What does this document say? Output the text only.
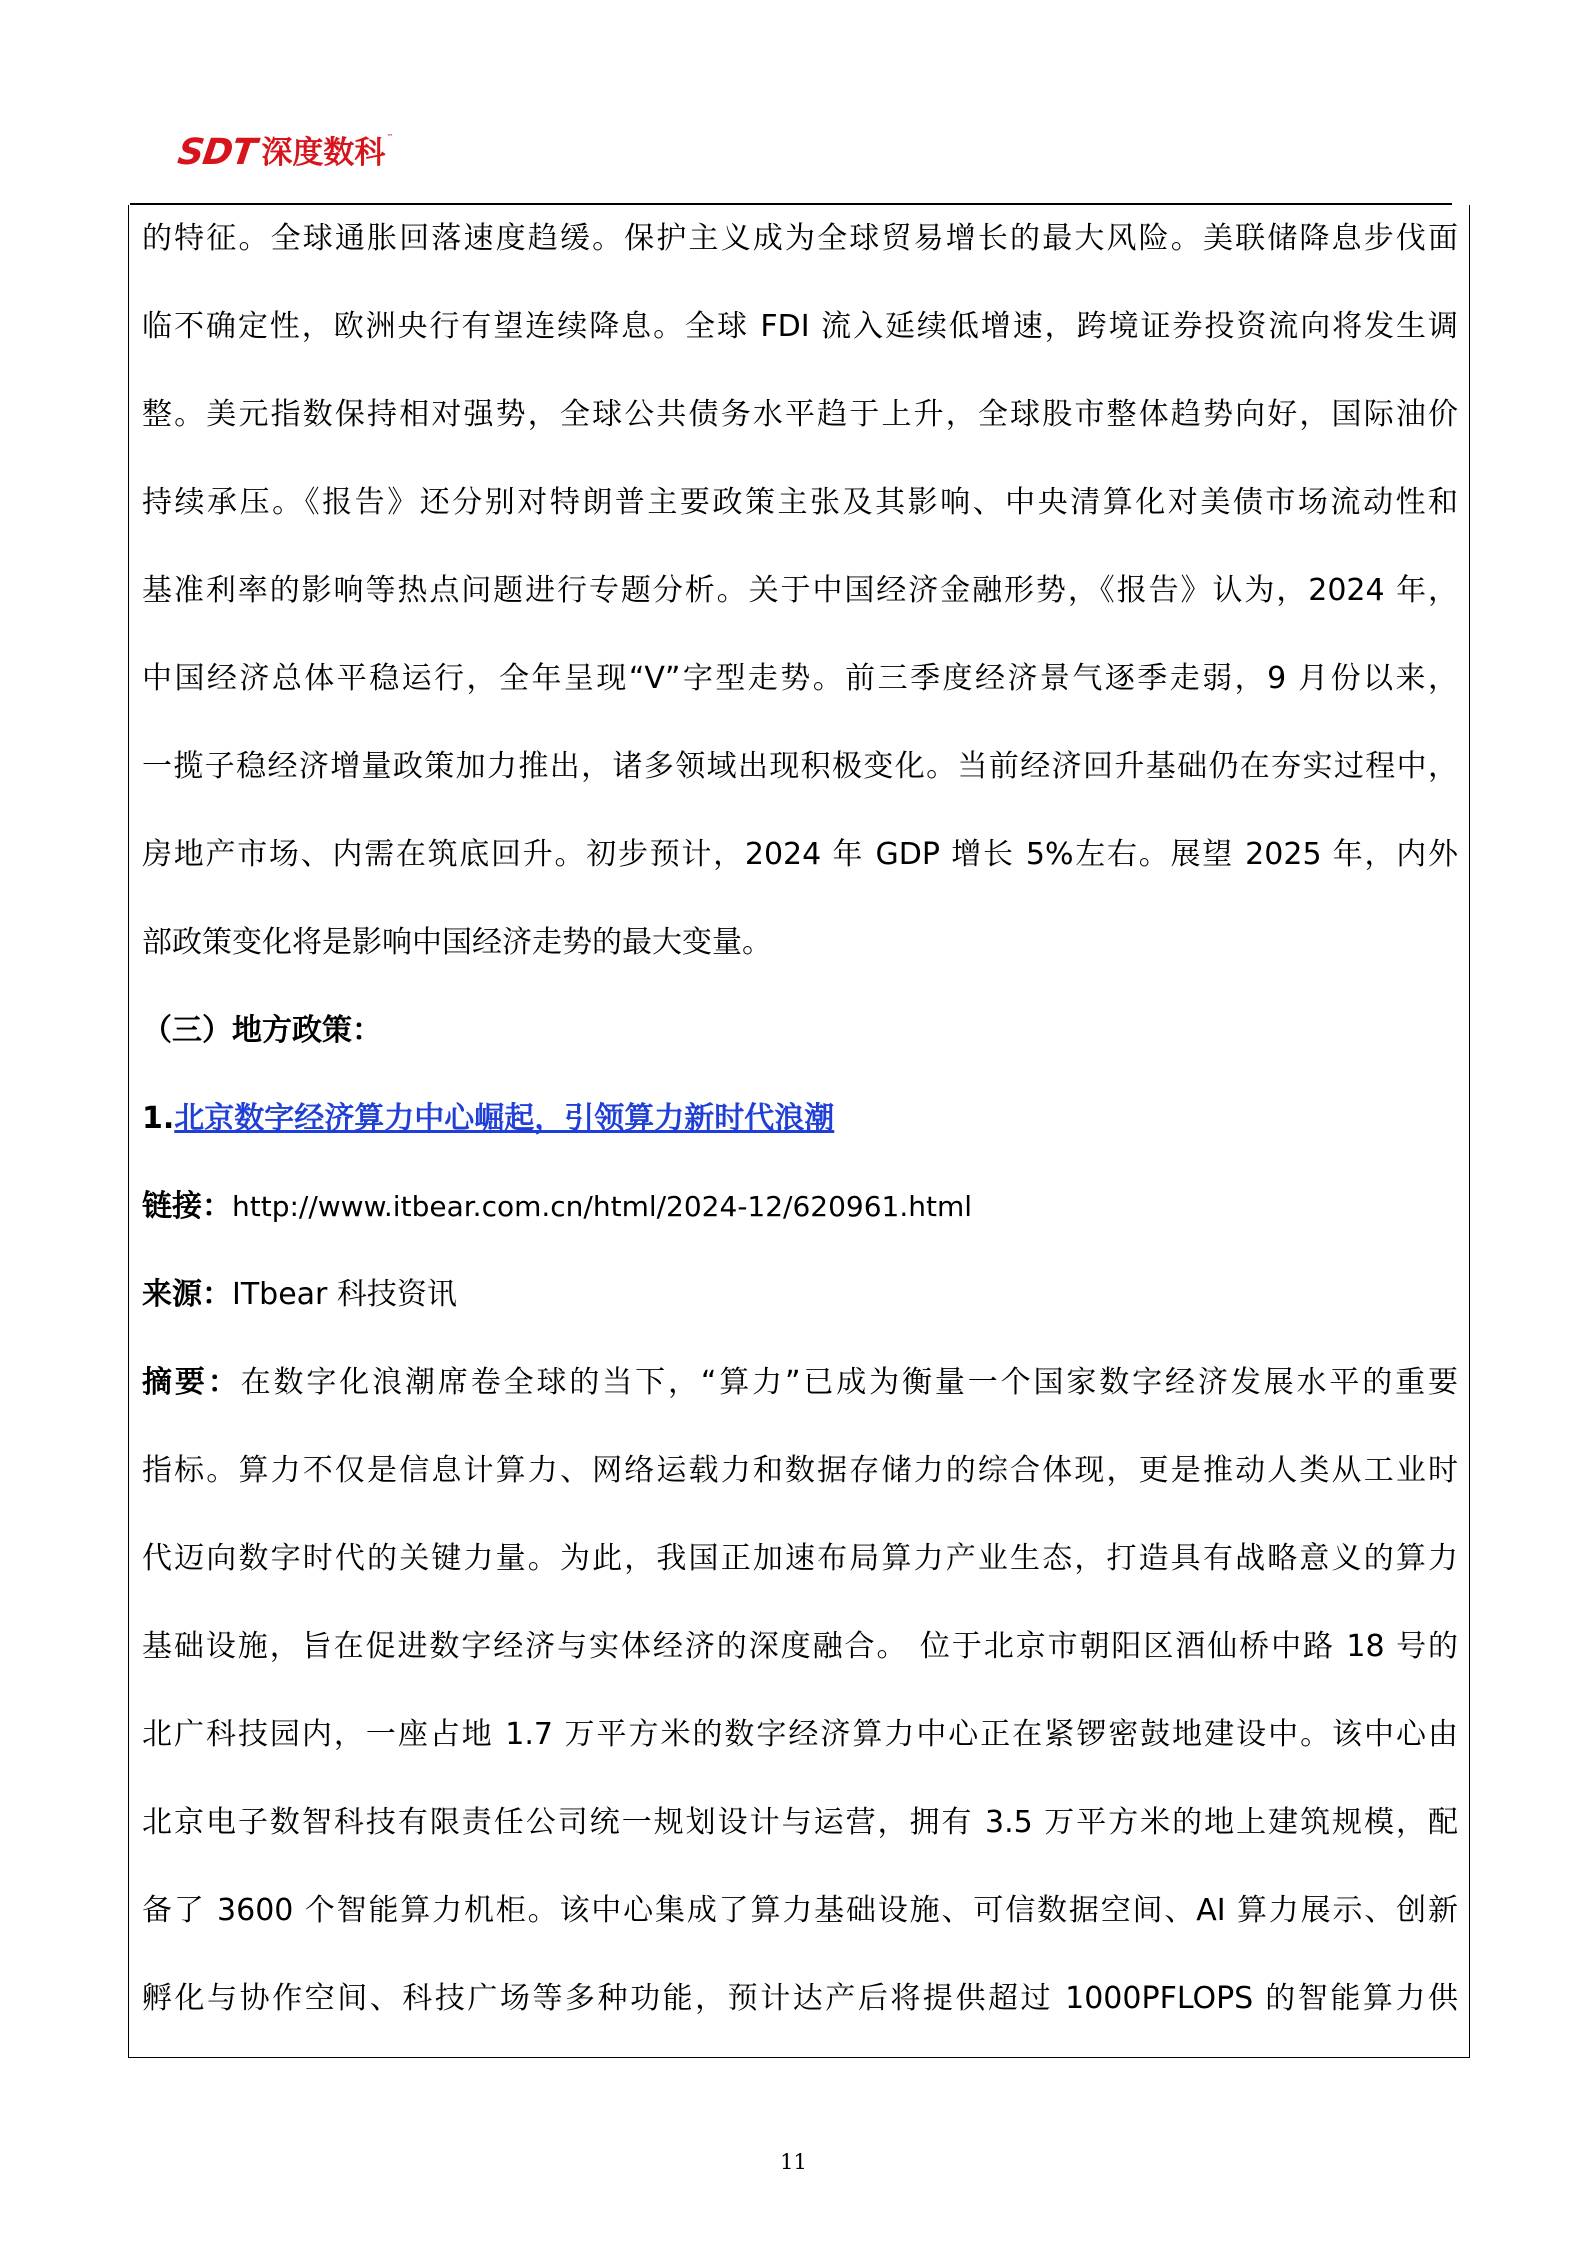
SDT 深度数科 ™
的特征。全球通胀回落速度趋缓。保护主义成为全球贸易增长的最大风险。美联储降息步伐面
临不确定性，欧洲央行有望连续降息。全球 FDI 流入延续低增速，跨境证券投资流向将发生调
整。美元指数保持相对强势，全球公共债务水平趋于上升，全球股市整体趋势向好，国际油价
持续承压。《报告》还分别对特朗普主要政策主张及其影响、中央清算化对美债市场流动性和
基准利率的影响等热点问题进行专题分析。关于中国经济金融形势，《报告》认为，2024 年，
中国经济总体平稳运行，全年呈现“V”字型走势。前三季度经济景气逐季走弱，9 月份以来，
一揽子稳经济增量政策加力推出，诸多领域出现积极变化。当前经济回升基础仍在夯实过程中，
房地产市场、内需在筑底回升。初步预计，2024 年 GDP 增长 5%左右。展望 2025 年，内外
部政策变化将是影响中国经济走势的最大变量。
（三）地方政策：
1.北京数字经济算力中心崛起，引领算力新时代浪潮
链接：http://www.itbear.com.cn/html/2024-12/620961.html
来源：ITbear 科技资讯
摘要：在数字化浪潮席卷全球的当下，“算力”已成为衡量一个国家数字经济发展水平的重要
指标。算力不仅是信息计算力、网络运载力和数据存储力的综合体现，更是推动人类从工业时
代迈向数字时代的关键力量。为此，我国正加速布局算力产业生态，打造具有战略意义的算力
基础设施，旨在促进数字经济与实体经济的深度融合。 位于北京市朝阳区酒仙桥中路 18 号的
北广科技园内，一座占地 1.7 万平方米的数字经济算力中心正在紧锣密鼓地建设中。该中心由
北京电子数智科技有限责任公司统一规划设计与运营，拥有 3.5 万平方米的地上建筑规模，配
备了 3600 个智能算力机柜。该中心集成了算力基础设施、可信数据空间、AI 算力展示、创新
孵化与协作空间、科技广场等多种功能，预计达产后将提供超过 1000PFLOPS 的智能算力供
11
